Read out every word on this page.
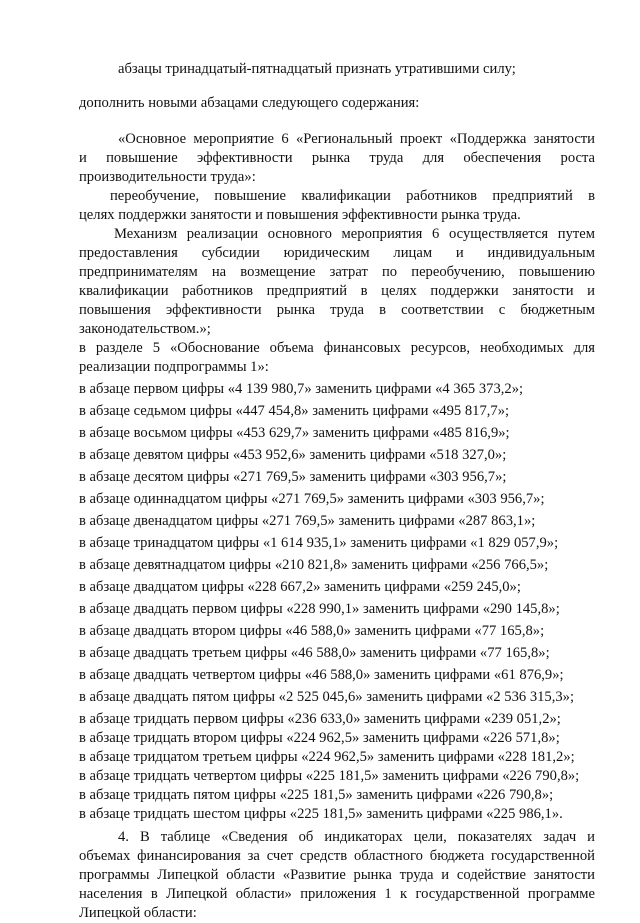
абзацы тринадцатый-пятнадцатый признать утратившими силу;
дополнить новыми абзацами следующего содержания:
«Основное мероприятие 6 «Региональный проект «Поддержка занятости
и повышение эффективности рынка труда для обеспечения роста
производительности труда»:
переобучение, повышение квалификации работников предприятий в
целях поддержки занятости и повышения эффективности рынка труда.
Механизм реализации основного мероприятия 6 осуществляется путем
предоставления субсидии юридическим лицам и индивидуальным
предпринимателям на возмещение затрат по переобучению, повышению
квалификации работников предприятий в целях поддержки занятости и
повышения эффективности рынка труда в соответствии с бюджетным
законодательством.»;
в разделе 5 «Обоснование объема финансовых ресурсов, необходимых для
реализации подпрограммы 1»:
в абзаце первом цифры «4 139 980,7» заменить цифрами «4 365 373,2»;
в абзаце седьмом цифры «447 454,8» заменить цифрами «495 817,7»;
в абзаце восьмом цифры «453 629,7» заменить цифрами «485 816,9»;
в абзаце девятом цифры «453 952,6» заменить цифрами «518 327,0»;
в абзаце десятом цифры «271 769,5» заменить цифрами «303 956,7»;
в абзаце одиннадцатом цифры «271 769,5» заменить цифрами «303 956,7»;
в абзаце двенадцатом цифры «271 769,5» заменить цифрами «287 863,1»;
в абзаце тринадцатом цифры «1 614 935,1» заменить цифрами «1 829 057,9»;
в абзаце девятнадцатом цифры «210 821,8» заменить цифрами «256 766,5»;
в абзаце двадцатом цифры «228 667,2» заменить цифрами «259 245,0»;
в абзаце двадцать первом цифры «228 990,1» заменить цифрами «290 145,8»;
в абзаце двадцать втором цифры «46 588,0» заменить цифрами «77 165,8»;
в абзаце двадцать третьем цифры «46 588,0» заменить цифрами «77 165,8»;
в абзаце двадцать четвертом цифры «46 588,0» заменить цифрами «61 876,9»;
в абзаце двадцать пятом цифры «2 525 045,6» заменить цифрами «2 536 315,3»;
в абзаце тридцать первом цифры «236 633,0» заменить цифрами «239 051,2»;
в абзаце тридцать втором цифры «224 962,5» заменить цифрами «226 571,8»;
в абзаце тридцатом третьем цифры «224 962,5» заменить цифрами «228 181,2»;
в абзаце тридцать четвертом цифры «225 181,5» заменить цифрами «226 790,8»;
в абзаце тридцать пятом цифры «225 181,5» заменить цифрами «226 790,8»;
в абзаце тридцать шестом цифры «225 181,5» заменить цифрами «225 986,1».
4. В таблице «Сведения об индикаторах цели, показателях задач и
объемах финансирования за счет средств областного бюджета государственной
программы Липецкой области «Развитие рынка труда и содействие занятости
населения в Липецкой области» приложения 1 к государственной программе
Липецкой области:
